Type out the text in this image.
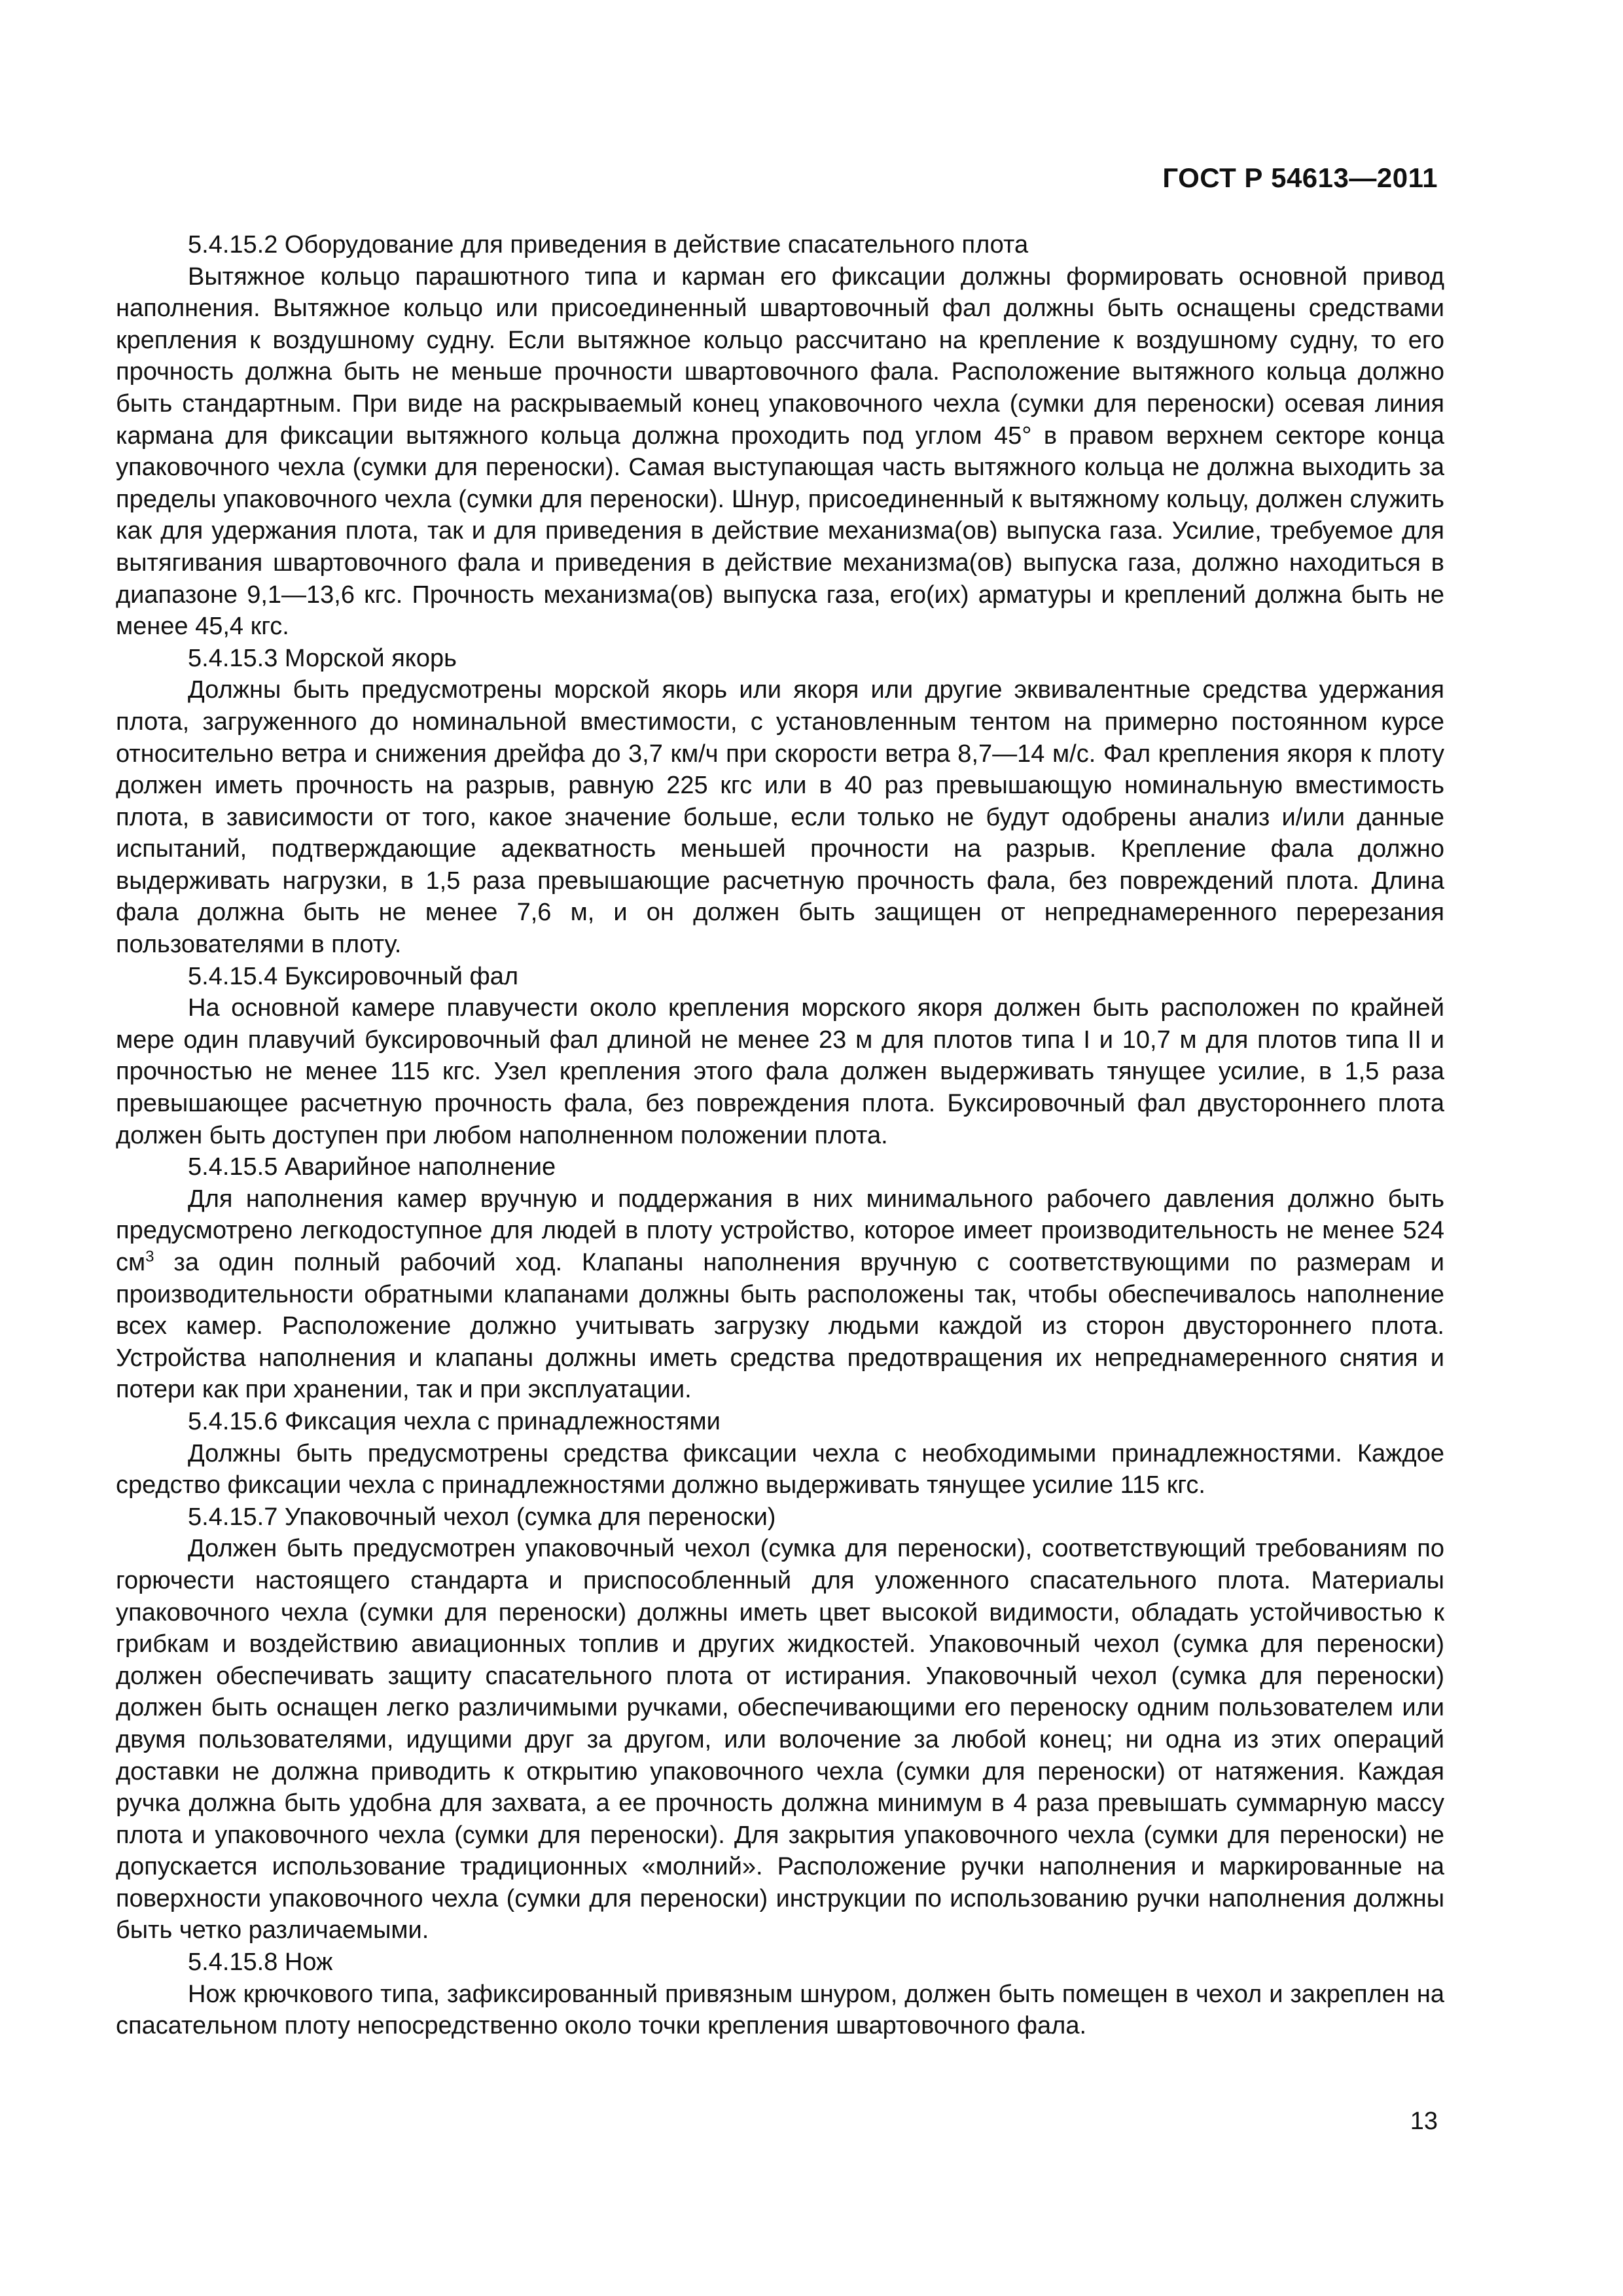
ГОСТ Р 54613—2011

5.4.15.2 Оборудование для приведения в действие спасательного плота

Вытяжное кольцо парашютного типа и карман его фиксации должны формировать основной привод наполнения. Вытяжное кольцо или присоединенный швартовочный фал должны быть оснащены средствами крепления к воздушному судну. Если вытяжное кольцо рассчитано на крепление к воздушному судну, то его прочность должна быть не меньше прочности швартовочного фала. Расположение вытяжного кольца должно быть стандартным. При виде на раскрываемый конец упаковочного чехла (сумки для переноски) осевая линия кармана для фиксации вытяжного кольца должна проходить под углом 45° в правом верхнем секторе конца упаковочного чехла (сумки для переноски). Самая выступающая часть вытяжного кольца не должна выходить за пределы упаковочного чехла (сумки для переноски). Шнур, присоединенный к вытяжному кольцу, должен служить как для удержания плота, так и для приведения в действие механизма(ов) выпуска газа. Усилие, требуемое для вытягивания швартовочного фала и приведения в действие механизма(ов) выпуска газа, должно находиться в диапазоне 9,1—13,6 кгс. Прочность механизма(ов) выпуска газа, его(их) арматуры и креплений должна быть не менее 45,4 кгс.

5.4.15.3 Морской якорь

Должны быть предусмотрены морской якорь или якоря или другие эквивалентные средства удержания плота, загруженного до номинальной вместимости, с установленным тентом на примерно постоянном курсе относительно ветра и снижения дрейфа до 3,7 км/ч при скорости ветра 8,7—14 м/с. Фал крепления якоря к плоту должен иметь прочность на разрыв, равную 225 кгс или в 40 раз превышающую номинальную вместимость плота, в зависимости от того, какое значение больше, если только не будут одобрены анализ и/или данные испытаний, подтверждающие адекватность меньшей прочности на разрыв. Крепление фала должно выдерживать нагрузки, в 1,5 раза превышающие расчетную прочность фала, без повреждений плота. Длина фала должна быть не менее 7,6 м, и он должен быть защищен от непреднамеренного перерезания пользователями в плоту.

5.4.15.4 Буксировочный фал

На основной камере плавучести около крепления морского якоря должен быть расположен по крайней мере один плавучий буксировочный фал длиной не менее 23 м для плотов типа I и 10,7 м для плотов типа II и прочностью не менее 115 кгс. Узел крепления этого фала должен выдерживать тянущее усилие, в 1,5 раза превышающее расчетную прочность фала, без повреждения плота. Буксировочный фал двустороннего плота должен быть доступен при любом наполненном положении плота.

5.4.15.5 Аварийное наполнение

Для наполнения камер вручную и поддержания в них минимального рабочего давления должно быть предусмотрено легкодоступное для людей в плоту устройство, которое имеет производительность не менее 524 $см^3$ за один полный рабочий ход. Клапаны наполнения вручную с соответствующими по размерам и производительности обратными клапанами должны быть расположены так, чтобы обеспечивалось наполнение всех камер. Расположение должно учитывать загрузку людьми каждой из сторон двустороннего плота. Устройства наполнения и клапаны должны иметь средства предотвращения их непреднамеренного снятия и потери как при хранении, так и при эксплуатации.

5.4.15.6 Фиксация чехла с принадлежностями

Должны быть предусмотрены средства фиксации чехла с необходимыми принадлежностями. Каждое средство фиксации чехла с принадлежностями должно выдерживать тянущее усилие 115 кгс.

5.4.15.7 Упаковочный чехол (сумка для переноски)

Должен быть предусмотрен упаковочный чехол (сумка для переноски), соответствующий требованиям по горючести настоящего стандарта и приспособленный для уложенного спасательного плота. Материалы упаковочного чехла (сумки для переноски) должны иметь цвет высокой видимости, обладать устойчивостью к грибкам и воздействию авиационных топлив и других жидкостей. Упаковочный чехол (сумка для переноски) должен обеспечивать защиту спасательного плота от истирания. Упаковочный чехол (сумка для переноски) должен быть оснащен легко различимыми ручками, обеспечивающими его переноску одним пользователем или двумя пользователями, идущими друг за другом, или волочение за любой конец; ни одна из этих операций доставки не должна приводить к открытию упаковочного чехла (сумки для переноски) от натяжения. Каждая ручка должна быть удобна для захвата, а ее прочность должна минимум в 4 раза превышать суммарную массу плота и упаковочного чехла (сумки для переноски). Для закрытия упаковочного чехла (сумки для переноски) не допускается использование традиционных «молний». Расположение ручки наполнения и маркированные на поверхности упаковочного чехла (сумки для переноски) инструкции по использованию ручки наполнения должны быть четко различаемыми.

5.4.15.8 Нож

Нож крючкового типа, зафиксированный привязным шнуром, должен быть помещен в чехол и закреплен на спасательном плоту непосредственно около точки крепления швартовочного фала.

13
